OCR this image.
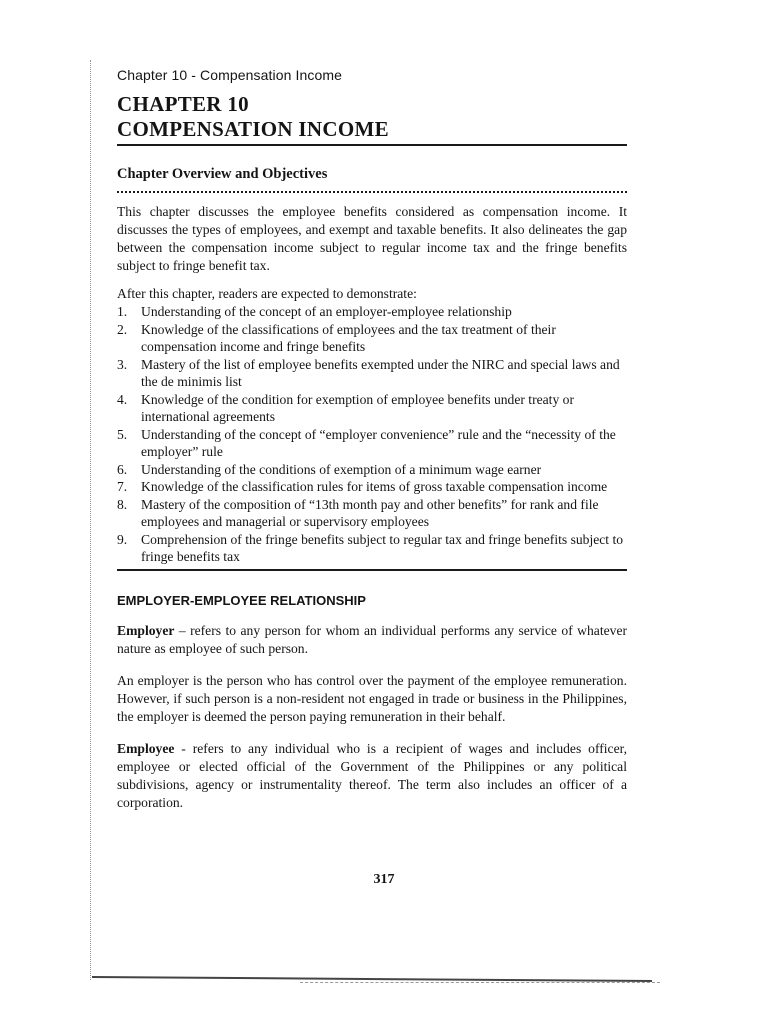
Chapter 10 - Compensation Income

CHAPTER 10
COMPENSATION INCOME
Chapter Overview and Objectives

This chapter discusses the employee benefits considered as compensation income. It discusses the types of employees, and exempt and taxable benefits. It also delineates the gap between the compensation income subject to regular income tax and the fringe benefits subject to fringe benefit tax.

After this chapter, readers are expected to demonstrate:

1. Understanding of the concept of an employer-employee relationship
2. Knowledge of the classifications of employees and the tax treatment of their compensation income and fringe benefits
3. Mastery of the list of employee benefits exempted under the NIRC and special laws and the de minimis list
4. Knowledge of the condition for exemption of employee benefits under treaty or international agreements
5. Understanding of the concept of “employer convenience” rule and the “necessity of the employer” rule
6. Understanding of the conditions of exemption of a minimum wage earner
7. Knowledge of the classification rules for items of gross taxable compensation income
8. Mastery of the composition of “13th month pay and other benefits” for rank and file employees and managerial or supervisory employees
9. Comprehension of the fringe benefits subject to regular tax and fringe benefits subject to fringe benefits tax
EMPLOYER-EMPLOYEE RELATIONSHIP

Employer – refers to any person for whom an individual performs any service of whatever nature as employee of such person.

An employer is the person who has control over the payment of the employee remuneration. However, if such person is a non-resident not engaged in trade or business in the Philippines, the employer is deemed the person paying remuneration in their behalf.

Employee - refers to any individual who is a recipient of wages and includes officer, employee or elected official of the Government of the Philippines or any political subdivisions, agency or instrumentality thereof. The term also includes an officer of a corporation.

317
